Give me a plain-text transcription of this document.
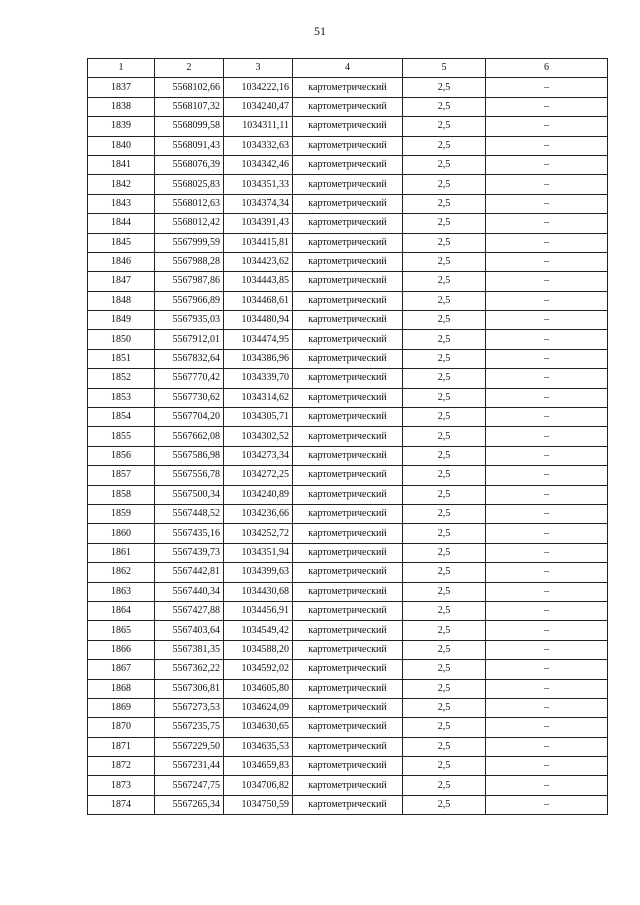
51
1	2	3	4	5	6
1837	5568102,66	1034222,16	картометрический	2,5	–
1838	5568107,32	1034240,47	картометрический	2,5	–
1839	5568099,58	1034311,11	картометрический	2,5	–
1840	5568091,43	1034332,63	картометрический	2,5	–
1841	5568076,39	1034342,46	картометрический	2,5	–
1842	5568025,83	1034351,33	картометрический	2,5	–
1843	5568012,63	1034374,34	картометрический	2,5	–
1844	5568012,42	1034391,43	картометрический	2,5	–
1845	5567999,59	1034415,81	картометрический	2,5	–
1846	5567988,28	1034423,62	картометрический	2,5	–
1847	5567987,86	1034443,85	картометрический	2,5	–
1848	5567966,89	1034468,61	картометрический	2,5	–
1849	5567935,03	1034480,94	картометрический	2,5	–
1850	5567912,01	1034474,95	картометрический	2,5	–
1851	5567832,64	1034386,96	картометрический	2,5	–
1852	5567770,42	1034339,70	картометрический	2,5	–
1853	5567730,62	1034314,62	картометрический	2,5	–
1854	5567704,20	1034305,71	картометрический	2,5	–
1855	5567662,08	1034302,52	картометрический	2,5	–
1856	5567586,98	1034273,34	картометрический	2,5	–
1857	5567556,78	1034272,25	картометрический	2,5	–
1858	5567500,34	1034240,89	картометрический	2,5	–
1859	5567448,52	1034236,66	картометрический	2,5	–
1860	5567435,16	1034252,72	картометрический	2,5	–
1861	5567439,73	1034351,94	картометрический	2,5	–
1862	5567442,81	1034399,63	картометрический	2,5	–
1863	5567440,34	1034430,68	картометрический	2,5	–
1864	5567427,88	1034456,91	картометрический	2,5	–
1865	5567403,64	1034549,42	картометрический	2,5	–
1866	5567381,35	1034588,20	картометрический	2,5	–
1867	5567362,22	1034592,02	картометрический	2,5	–
1868	5567306,81	1034605,80	картометрический	2,5	–
1869	5567273,53	1034624,09	картометрический	2,5	–
1870	5567235,75	1034630,65	картометрический	2,5	–
1871	5567229,50	1034635,53	картометрический	2,5	–
1872	5567231,44	1034659,83	картометрический	2,5	–
1873	5567247,75	1034706,82	картометрический	2,5	–
1874	5567265,34	1034750,59	картометрический	2,5	–
